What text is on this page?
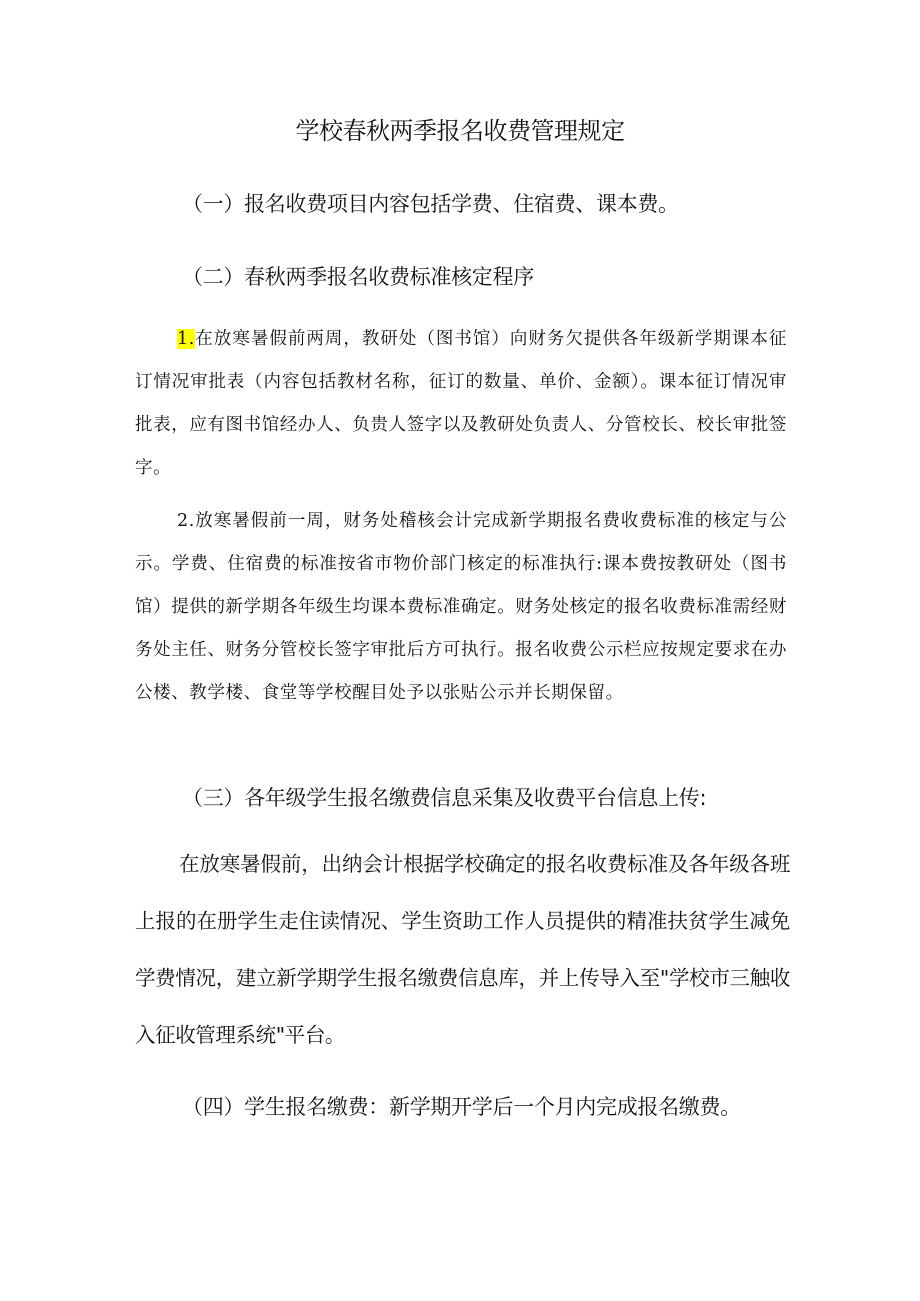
学校春秋两季报名收费管理规定
（一）报名收费项目内容包括学费、住宿费、课本费。
（二）春秋两季报名收费标准核定程序
1.在放寒暑假前两周，教研处（图书馆）向财务欠提供各年级新学期课本征订情况审批表（内容包括教材名称，征订的数量、单价、金额）。课本征订情况审批表，应有图书馆经办人、负贵人签字以及教研处负责人、分管校长、校长审批签字。
2.放寒暑假前一周，财务处稽核会计完成新学期报名费收费标准的核定与公示。学费、住宿费的标准按省市物价部门核定的标准执行:课本费按教研处（图书馆）提供的新学期各年级生均课本费标准确定。财务处核定的报名收费标准需经财务处主任、财务分管校长签字审批后方可执行。报名收费公示栏应按规定要求在办公楼、教学楼、食堂等学校醒目处予以张贴公示并长期保留。
（三）各年级学生报名缴费信息采集及收费平台信息上传:
在放寒暑假前，出纳会计根据学校确定的报名收费标准及各年级各班上报的在册学生走住读情况、学生资助工作人员提供的精准扶贫学生减免学费情况，建立新学期学生报名缴费信息库，并上传导入至"学校市三触收入征收管理系统"平台。
（四）学生报名缴费：新学期开学后一个月内完成报名缴费。
